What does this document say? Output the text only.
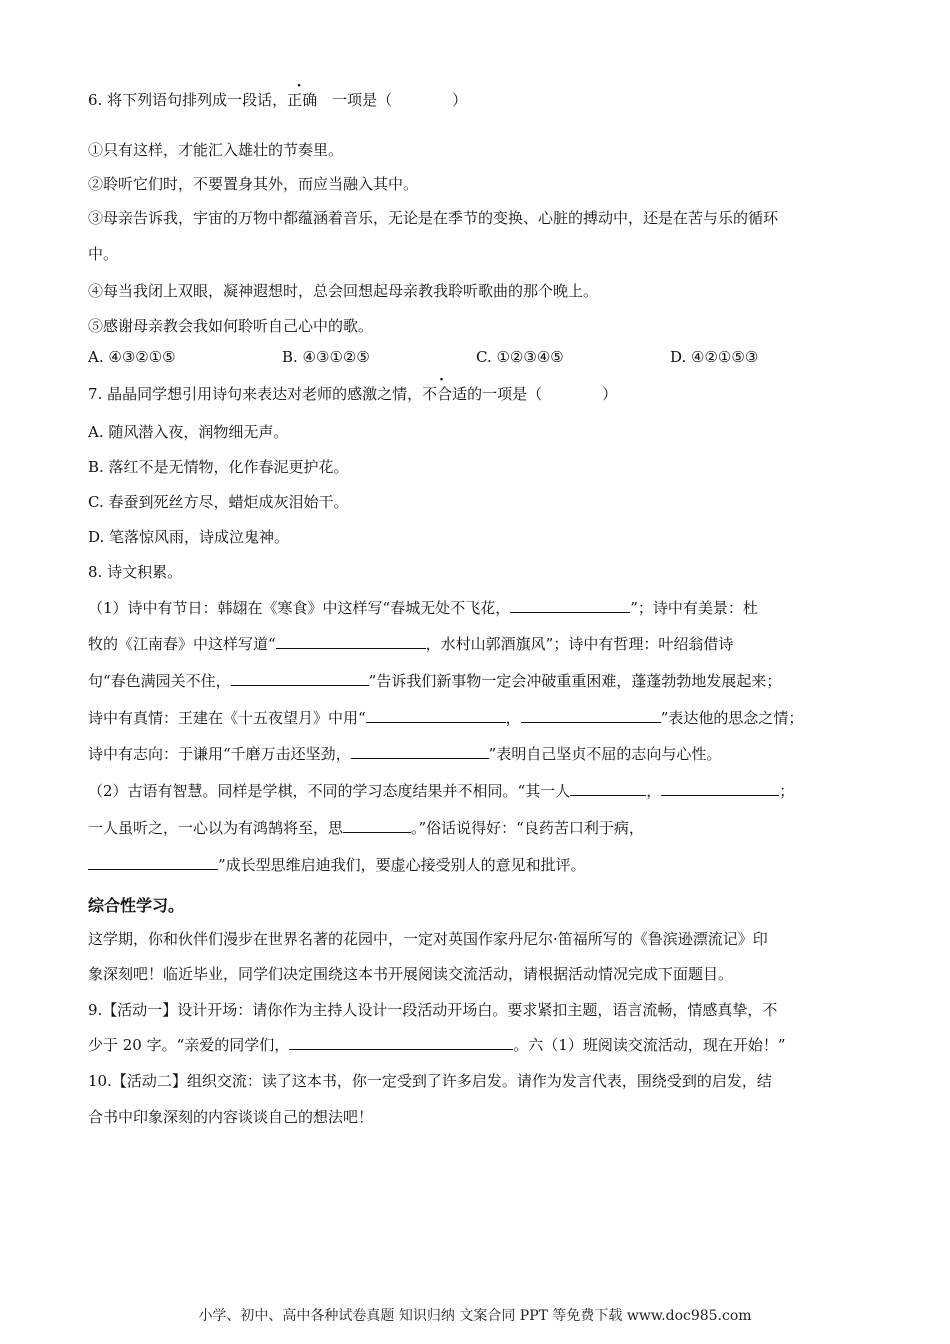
6. 将下列语句排列成一段话，正确  一项是（　　　　）
①只有这样，才能汇入雄壮的节奏里。
②聆听它们时，不要置身其外，而应当融入其中。
③母亲告诉我，宇宙的万物中都蕴涵着音乐，无论是在季节的变换、心脏的搏动中，还是在苦与乐的循环
中。
④每当我闭上双眼，凝神遐想时，总会回想起母亲教我聆听歌曲的那个晚上。
⑤感谢母亲教会我如何聆听自己心中的歌。
A. ④③②①⑤	B. ④③①②⑤	C. ①②③④⑤	D. ④②①⑤③
7. 晶晶同学想引用诗句来表达对老师的感激之情，不合适的一项是（　　　　）
A. 随风潜入夜，润物细无声。
B. 落红不是无情物，化作春泥更护花。
C. 春蚕到死丝方尽，蜡炬成灰泪始干。
D. 笔落惊风雨，诗成泣鬼神。
8. 诗文积累。
（1）诗中有节日：韩翃在《寒食》中这样写“春城无处不飞花，	”；诗中有美景：杜
牧的《江南春》中这样写道“	，水村山郭酒旗风”；诗中有哲理：叶绍翁借诗
句“春色满园关不住，	”告诉我们新事物一定会冲破重重困难，蓬蓬勃勃地发展起来；
诗中有真情：王建在《十五夜望月》中用“	，	”表达他的思念之情；
诗中有志向：于谦用“千磨万击还坚劲，	”表明自己坚贞不屈的志向与心性。
（2）古语有智慧。同样是学棋，不同的学习态度结果并不相同。“其一人	，	；
一人虽听之，一心以为有鸿鹄将至，思	。”俗话说得好：“良药苦口利于病，
”成长型思维启迪我们，要虚心接受别人的意见和批评。
综合性学习。
这学期，你和伙伴们漫步在世界名著的花园中，一定对英国作家丹尼尔·笛福所写的《鲁滨逊漂流记》印
象深刻吧！临近毕业，同学们决定围绕这本书开展阅读交流活动，请根据活动情况完成下面题目。
9.【活动一】设计开场：请你作为主持人设计一段活动开场白。要求紧扣主题，语言流畅，情感真挚，不
少于 20 字。“亲爱的同学们，	。六（1）班阅读交流活动，现在开始！”
10.【活动二】组织交流：读了这本书，你一定受到了许多启发。请作为发言代表，围绕受到的启发，结
合书中印象深刻的内容谈谈自己的想法吧！
小学、初中、高中各种试卷真题 知识归纳 文案合同 PPT 等免费下载 www.doc985.com
